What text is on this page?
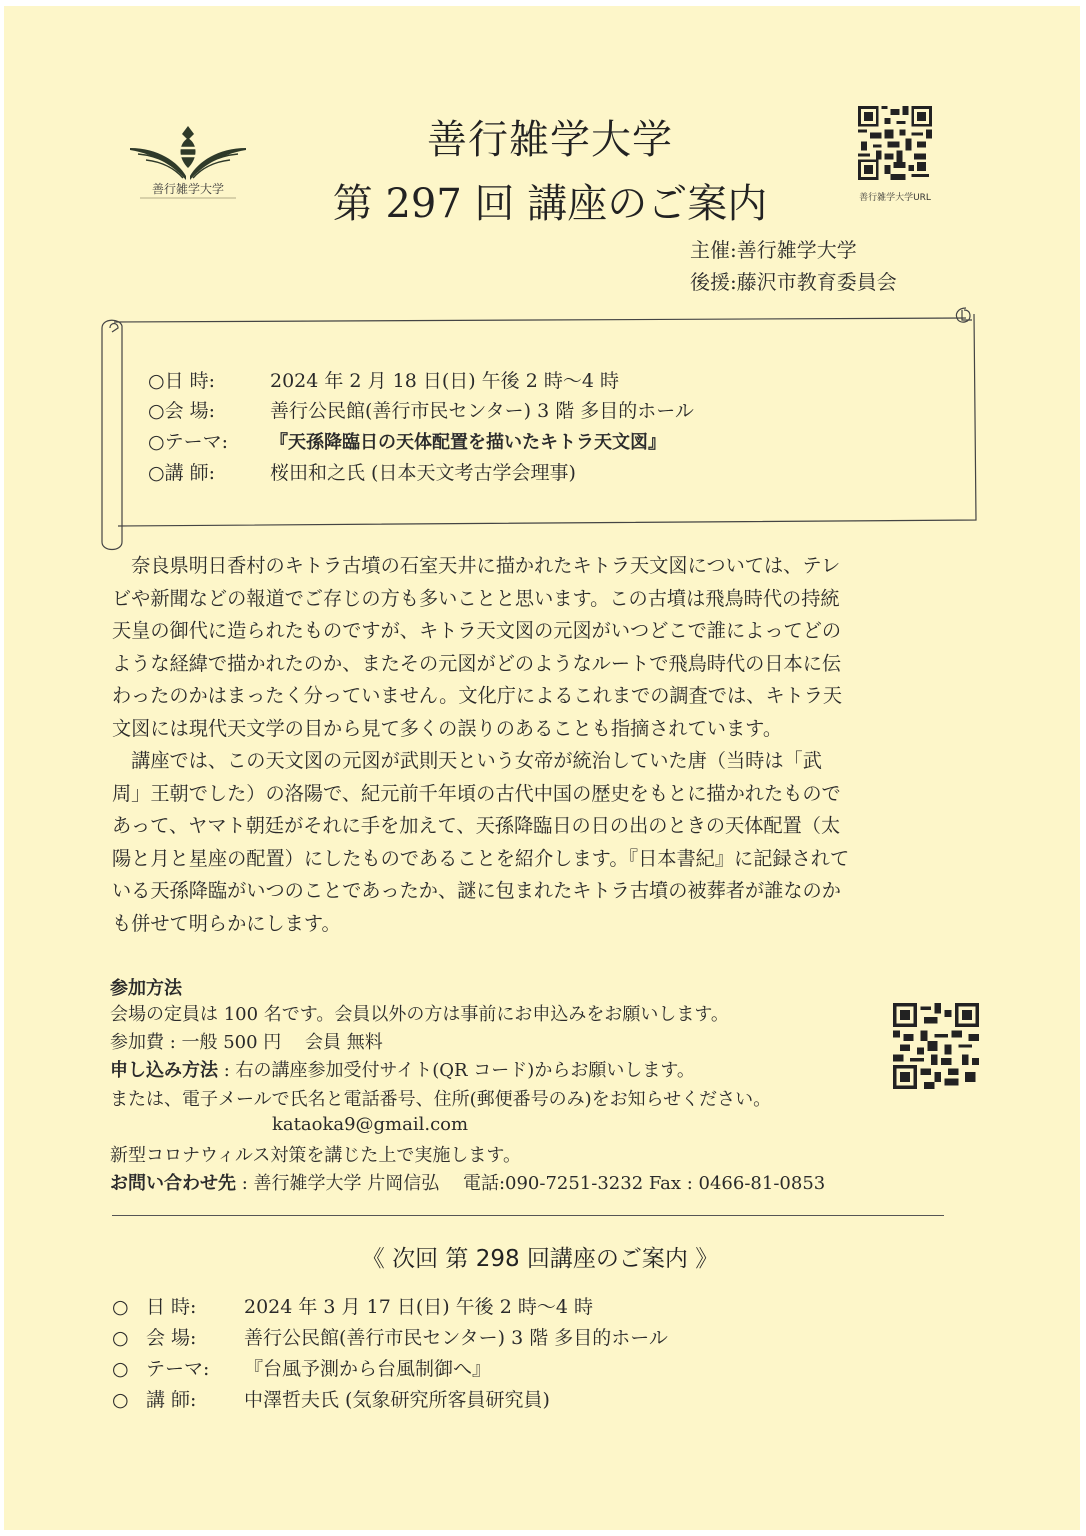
善行雑学大学
善行雑学大学
第 297 回 講座のご案内	善行雑学大学URL
主催:善行雑学大学
後援:藤沢市教育委員会
○日 時:	2024 年 2 月 18 日(日) 午後 2 時～4 時
○会 場:	善行公民館(善行市民センター) 3 階 多目的ホール
○テーマ: 『天孫降臨日の天体配置を描いたキトラ天文図』
○講 師:	桜田和之氏 (日本天文考古学会理事)
　奈良県明日香村のキトラ古墳の石室天井に描かれたキトラ天文図については、テレ
ビや新聞などの報道でご存じの方も多いことと思います。この古墳は飛鳥時代の持統
天皇の御代に造られたものですが、キトラ天文図の元図がいつどこで誰によってどの
ような経緯で描かれたのか、またその元図がどのようなルートで飛鳥時代の日本に伝
わったのかはまったく分っていません。文化庁によるこれまでの調査では、キトラ天
文図には現代天文学の目から見て多くの誤りのあることも指摘されています。
　講座では、この天文図の元図が武則天という女帝が統治していた唐（当時は「武
周」王朝でした）の洛陽で、紀元前千年頃の古代中国の歴史をもとに描かれたもので
あって、ヤマト朝廷がそれに手を加えて、天孫降臨日の日の出のときの天体配置（太
陽と月と星座の配置）にしたものであることを紹介します。『日本書紀』に記録されて
いる天孫降臨がいつのことであったか、謎に包まれたキトラ古墳の被葬者が誰なのか
も併せて明らかにします。
参加方法
会場の定員は 100 名です。会員以外の方は事前にお申込みをお願いします。
参加費 : 一般 500 円　 会員 無料
申し込み方法 : 右の講座参加受付サイト(QR コード)からお願いします。
または、電子メールで氏名と電話番号、住所(郵便番号のみ)をお知らせください。
kataoka9@gmail.com
新型コロナウィルス対策を講じた上で実施します。
お問い合わせ先 : 善行雑学大学 片岡信弘　 電話:090-7251-3232 Fax : 0466-81-0853
《 次回 第 298 回講座のご案内 》
○ 日 時:	2024 年 3 月 17 日(日) 午後 2 時～4 時
○ 会 場:	善行公民館(善行市民センター) 3 階 多目的ホール
○ テーマ: 『台風予測から台風制御へ』
○ 講 師:	中澤哲夫氏 (気象研究所客員研究員)
